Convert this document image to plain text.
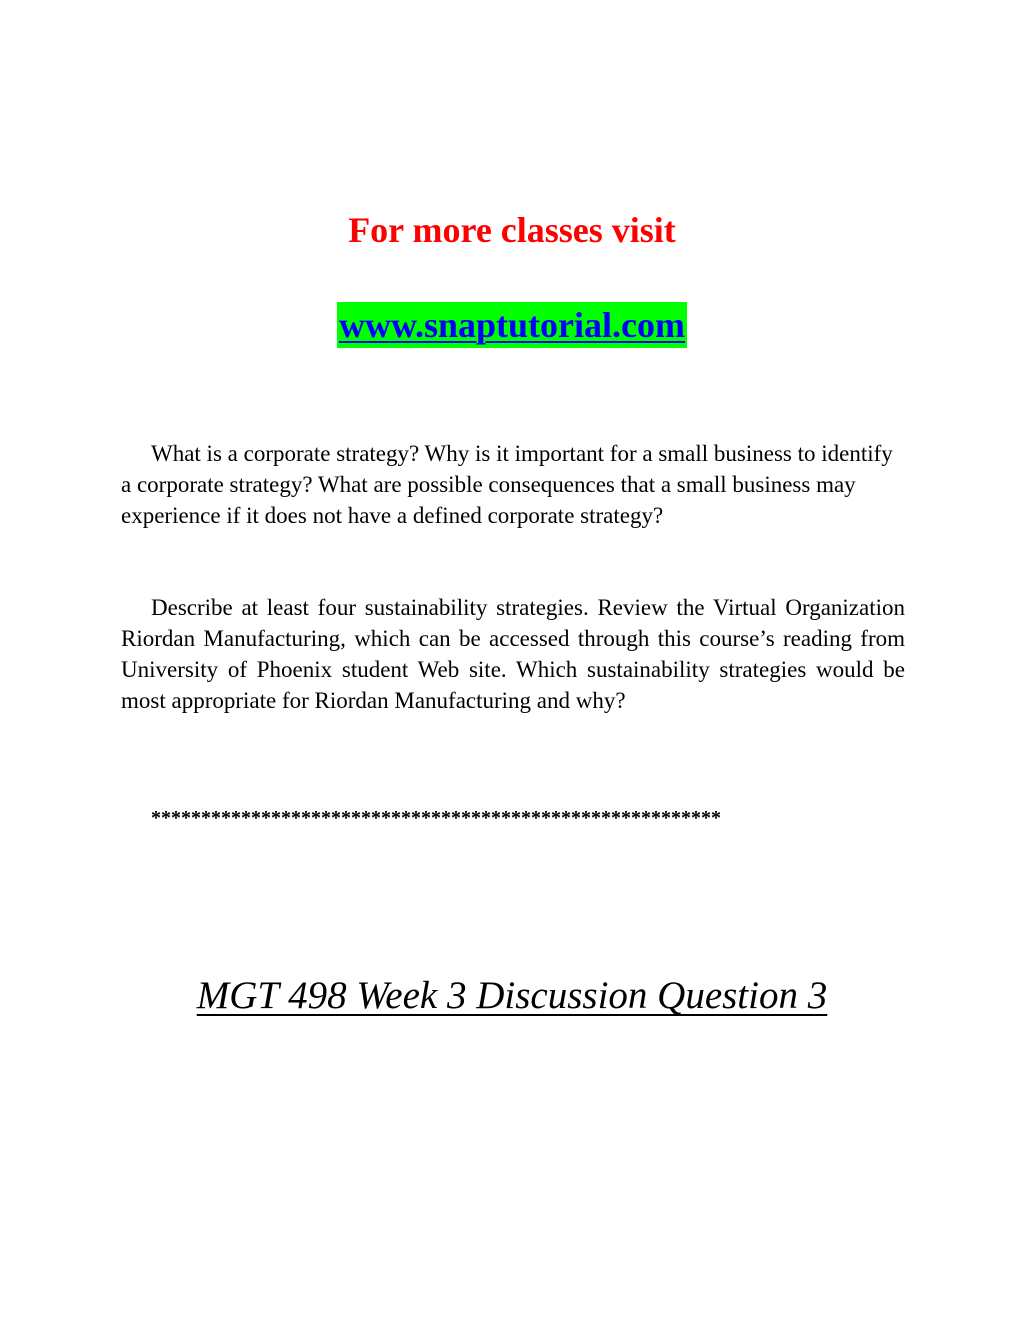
For more classes visit
www.snaptutorial.com

What is a corporate strategy? Why is it important for a small business to identify a corporate strategy? What are possible consequences that a small business may experience if it does not have a defined corporate strategy?

Describe at least four sustainability strategies. Review the Virtual Organization Riordan Manufacturing, which can be accessed through this course’s reading from University of Phoenix student Web site. Which sustainability strategies would be most appropriate for Riordan Manufacturing and why?

*********************************************************
MGT 498 Week 3 Discussion Question 3
